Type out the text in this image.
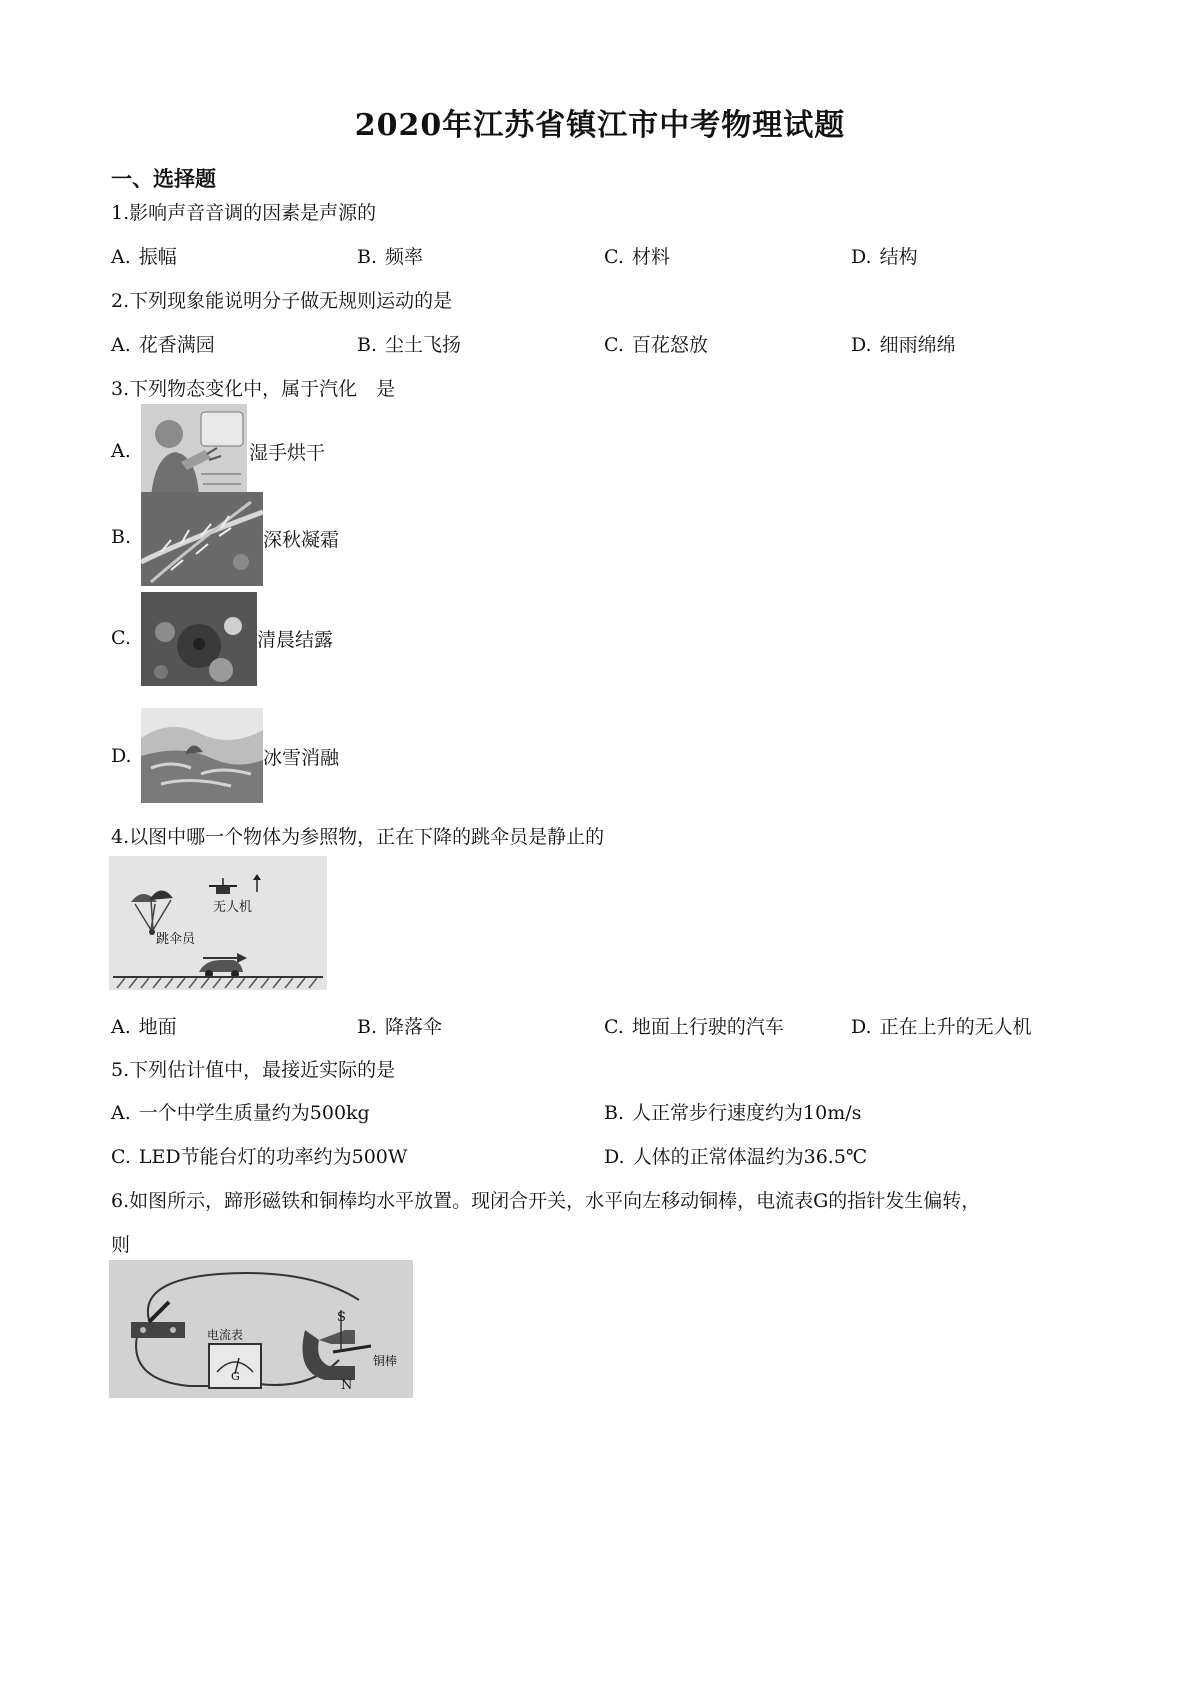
2020年江苏省镇江市中考物理试题
一、选择题
1.影响声音音调的因素是声源的
A. 振幅	B. 频率	C. 材料	D. 结构
2.下列现象能说明分子做无规则运动的是
A. 花香满园	B. 尘土飞扬	C. 百花怒放	D. 细雨绵绵
3.下列物态变化中，属于汽化　是
A.	湿手烘干
B.	深秋凝霜
C.	清晨结露
D.	冰雪消融
4.以图中哪一个物体为参照物，正在下降的跳伞员是静止的
跳伞员
无人机
A. 地面	B. 降落伞	C. 地面上行驶的汽车	D. 正在上升的无人机
5.下列估计值中，最接近实际的是
A. 一个中学生质量约为500kg	B. 人正常步行速度约为10m/s
C. LED节能台灯的功率约为500W	D. 人体的正常体温约为36.5℃
6.如图所示，蹄形磁铁和铜棒均水平放置。现闭合开关，水平向左移动铜棒，电流表G的指针发生偏转，
则
电流表
G
S
N
铜棒
